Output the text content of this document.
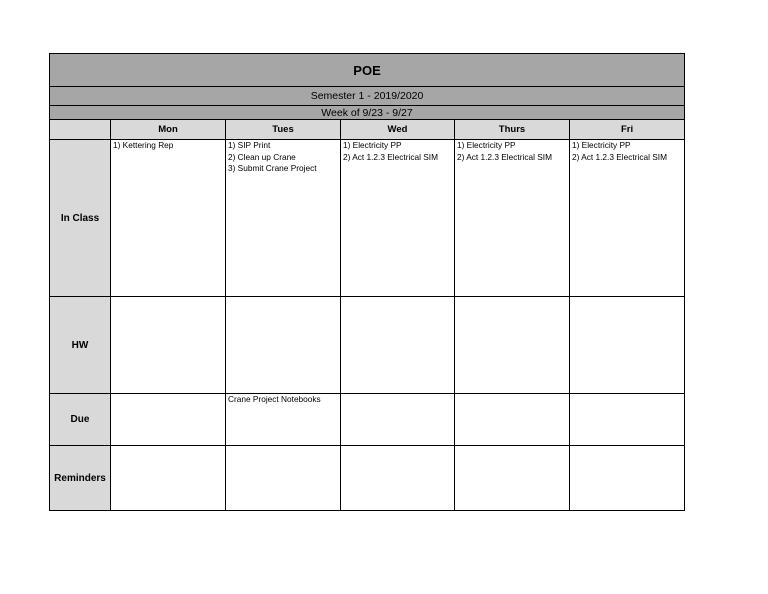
POE					
Semester 1 - 2019/2020					
Week of 9/23 - 9/27					
	Mon	Tues	Wed	Thurs	Fri
In Class	1) Kettering Rep	1) SIP Print
2) Clean up Crane
3) Submit Crane Project	1) Electricity PP
2) Act 1.2.3 Electrical SIM	1) Electricity PP
2) Act 1.2.3 Electrical SIM	1) Electricity PP
2) Act 1.2.3 Electrical SIM

HW					
Due		Crane Project Notebooks			

Reminders					
